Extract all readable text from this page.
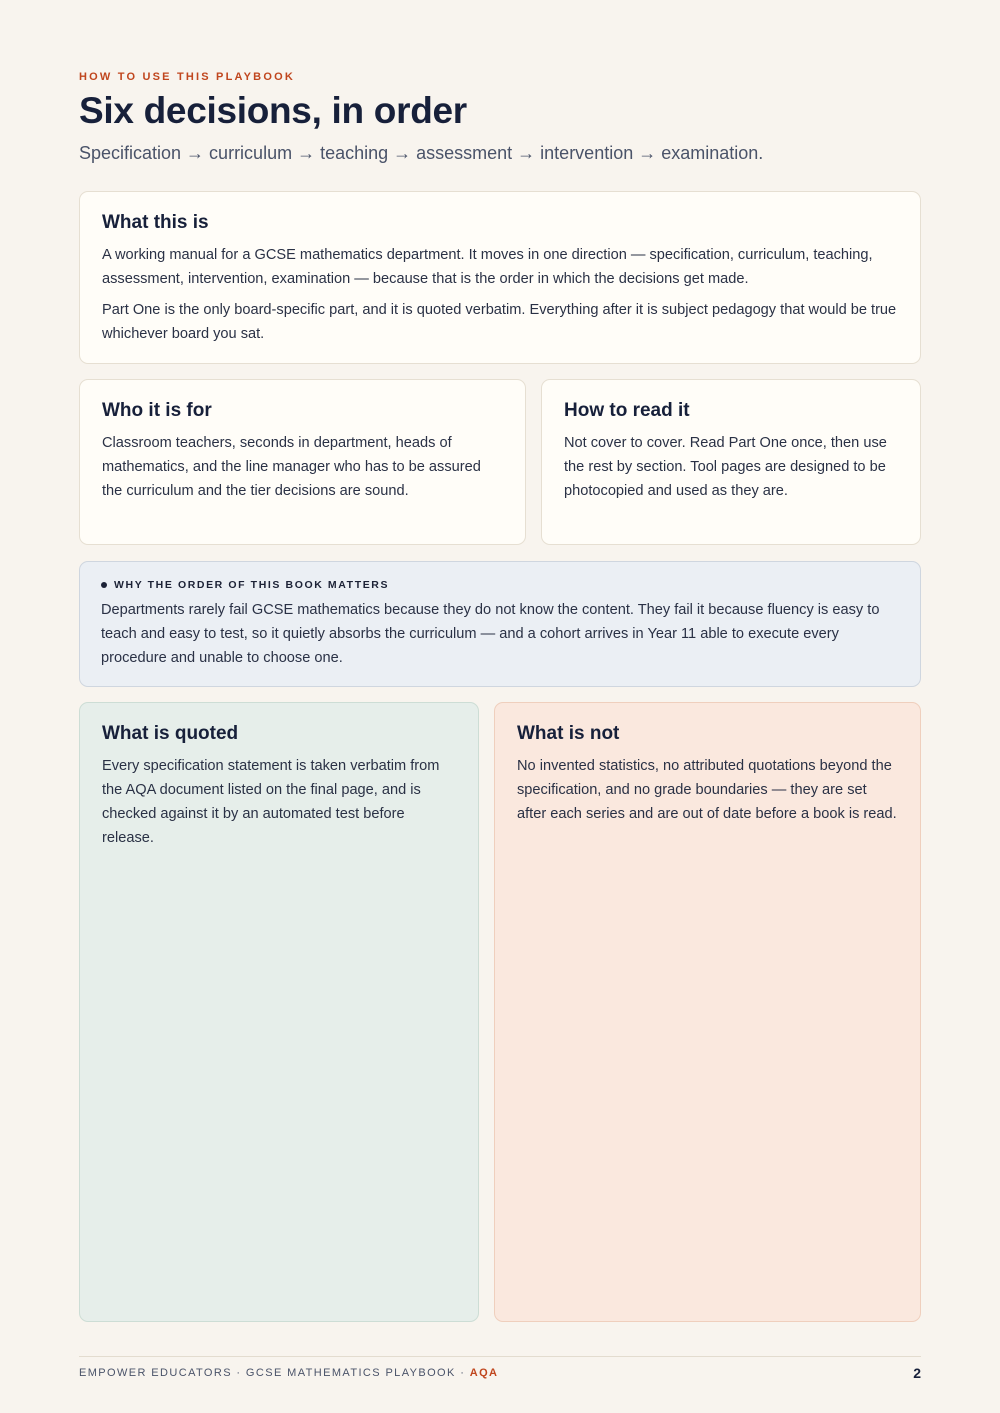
HOW TO USE THIS PLAYBOOK
Six decisions, in order
Specification → curriculum → teaching → assessment → intervention → examination.
What this is

A working manual for a GCSE mathematics department. It moves in one direction — specification, curriculum, teaching, assessment, intervention, examination — because that is the order in which the decisions get made.

Part One is the only board-specific part, and it is quoted verbatim. Everything after it is subject pedagogy that would be true whichever board you sat.

Who it is for

Classroom teachers, seconds in department, heads of mathematics, and the line manager who has to be assured the curriculum and the tier decisions are sound.

How to read it

Not cover to cover. Read Part One once, then use the rest by section. Tool pages are designed to be photocopied and used as they are.

WHY THE ORDER OF THIS BOOK MATTERS

Departments rarely fail GCSE mathematics because they do not know the content. They fail it because fluency is easy to teach and easy to test, so it quietly absorbs the curriculum — and a cohort arrives in Year 11 able to execute every procedure and unable to choose one.

What is quoted

Every specification statement is taken verbatim from the AQA document listed on the final page, and is checked against it by an automated test before release.

What is not

No invented statistics, no attributed quotations beyond the specification, and no grade boundaries — they are set after each series and are out of date before a book is read.

EMPOWER EDUCATORS · GCSE MATHEMATICS PLAYBOOK · AQA	2
